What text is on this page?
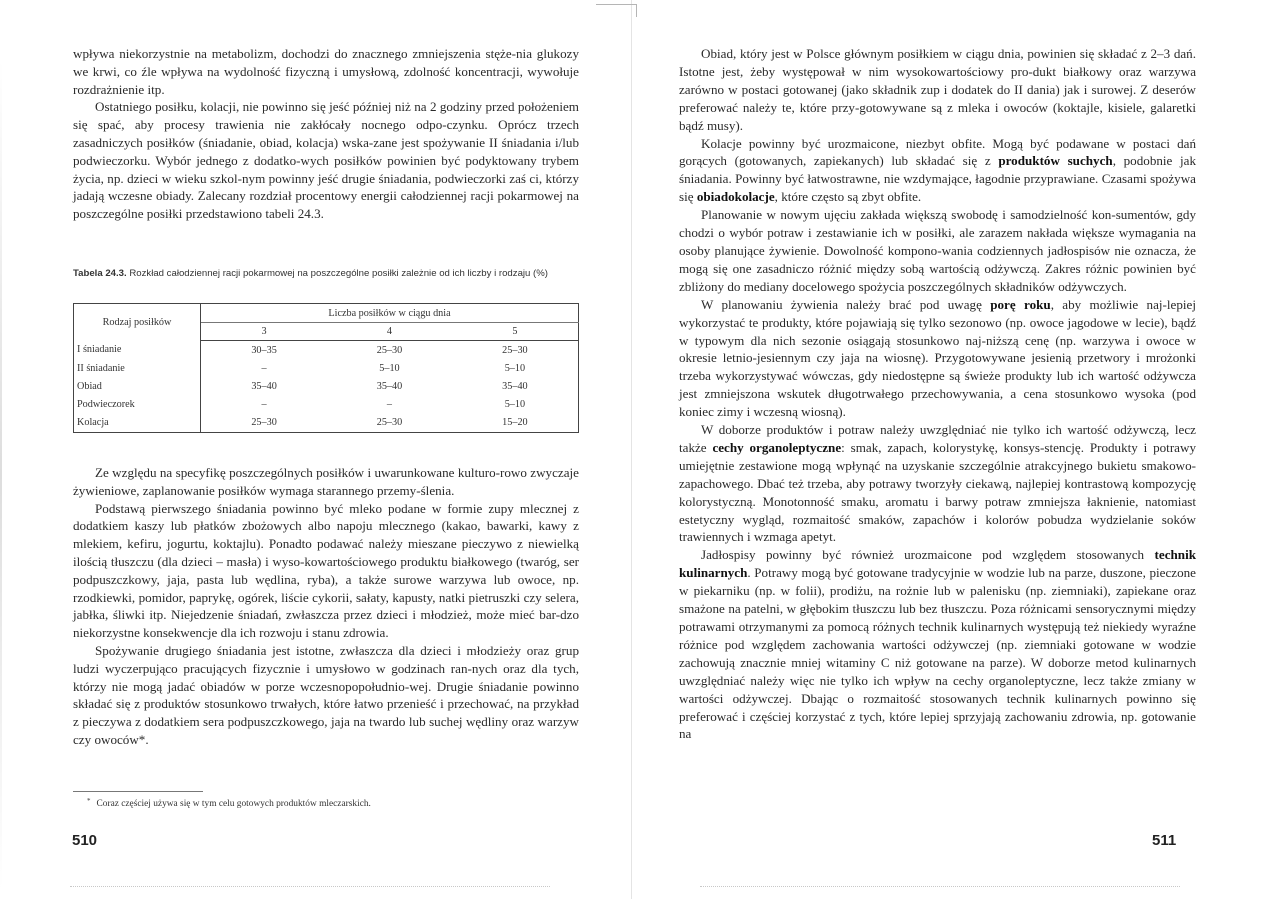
wpływa niekorzystnie na metabolizm, dochodzi do znacznego zmniejszenia stęże-nia glukozy we krwi, co źle wpływa na wydolność fizyczną i umysłową, zdolność koncentracji, wywołuje rozdrażnienie itp.

Ostatniego posiłku, kolacji, nie powinno się jeść później niż na 2 godziny przed położeniem się spać, aby procesy trawienia nie zakłócały nocnego odpo-czynku. Oprócz trzech zasadniczych posiłków (śniadanie, obiad, kolacja) wska-zane jest spożywanie II śniadania i/lub podwieczorku. Wybór jednego z dodatko-wych posiłków powinien być podyktowany trybem życia, np. dzieci w wieku szkol-nym powinny jeść drugie śniadania, podwieczorki zaś ci, którzy jadają wczesne obiady. Zalecany rozdział procentowy energii całodziennej racji pokarmowej na poszczególne posiłki przedstawiono tabeli 24.3.

Tabela 24.3. Rozkład całodziennej racji pokarmowej na poszczególne posiłki zależnie od ich liczby i rodzaju (%)
Rodzaj posiłków	Liczba posiłków w ciągu dnia		
	3	4	5
I śniadanie	30–35	25–30	25–30
II śniadanie	–	5–10	5–10
Obiad	35–40	35–40	35–40
Podwieczorek	–	–	5–10
Kolacja	25–30	25–30	15–20

Ze względu na specyfikę poszczególnych posiłków i uwarunkowane kulturo-rowo zwyczaje żywieniowe, zaplanowanie posiłków wymaga starannego przemy-ślenia.

Podstawą pierwszego śniadania powinno być mleko podane w formie zupy mlecznej z dodatkiem kaszy lub płatków zbożowych albo napoju mlecznego (kakao, bawarki, kawy z mlekiem, kefiru, jogurtu, koktajlu). Ponadto podawać należy mieszane pieczywo z niewielką ilością tłuszczu (dla dzieci – masła) i wyso-kowartościowego produktu białkowego (twaróg, ser podpuszczkowy, jaja, pasta lub wędlina, ryba), a także surowe warzywa lub owoce, np. rzodkiewki, pomidor, paprykę, ogórek, liście cykorii, sałaty, kapusty, natki pietruszki czy selera, jabłka, śliwki itp. Niejedzenie śniadań, zwłaszcza przez dzieci i młodzież, może mieć bar-dzo niekorzystne konsekwencje dla ich rozwoju i stanu zdrowia.

Spożywanie drugiego śniadania jest istotne, zwłaszcza dla dzieci i młodzieży oraz grup ludzi wyczerpująco pracujących fizycznie i umysłowo w godzinach ran-nych oraz dla tych, którzy nie mogą jadać obiadów w porze wczesnopopołudnio-wej. Drugie śniadanie powinno składać się z produktów stosunkowo trwałych, które łatwo przenieść i przechować, na przykład z pieczywa z dodatkiem sera podpuszczkowego, jaja na twardo lub suchej wędliny oraz warzyw czy owoców*.

* Coraz częściej używa się w tym celu gotowych produktów mleczarskich.
510

Obiad, który jest w Polsce głównym posiłkiem w ciągu dnia, powinien się składać z 2–3 dań. Istotne jest, żeby występował w nim wysokowartościowy pro-dukt białkowy oraz warzywa zarówno w postaci gotowanej (jako składnik zup i dodatek do II dania) jak i surowej. Z deserów preferować należy te, które przy-gotowywane są z mleka i owoców (koktajle, kisiele, galaretki bądź musy).

Kolacje powinny być urozmaicone, niezbyt obfite. Mogą być podawane w postaci dań gorących (gotowanych, zapiekanych) lub składać się z produktów suchych, podobnie jak śniadania. Powinny być łatwostrawne, nie wzdymające, łagodnie przyprawiane. Czasami spożywa się obiadokolacje, które często są zbyt obfite.

Planowanie w nowym ujęciu zakłada większą swobodę i samodzielność kon-sumentów, gdy chodzi o wybór potraw i zestawianie ich w posiłki, ale zarazem nakłada większe wymagania na osoby planujące żywienie. Dowolność kompono-wania codziennych jadłospisów nie oznacza, że mogą się one zasadniczo różnić między sobą wartością odżywczą. Zakres różnic powinien być zbliżony do mediany docelowego spożycia poszczególnych składników odżywczych.

W planowaniu żywienia należy brać pod uwagę porę roku, aby możliwie naj-lepiej wykorzystać te produkty, które pojawiają się tylko sezonowo (np. owoce jagodowe w lecie), bądź w typowym dla nich sezonie osiągają stosunkowo naj-niższą cenę (np. warzywa i owoce w okresie letnio-jesiennym czy jaja na wiosnę). Przygotowywane jesienią przetwory i mrożonki trzeba wykorzystywać wówczas, gdy niedostępne są świeże produkty lub ich wartość odżywcza jest zmniejszona wskutek długotrwałego przechowywania, a cena stosunkowo wysoka (pod koniec zimy i wczesną wiosną).

W doborze produktów i potraw należy uwzględniać nie tylko ich wartość odżywczą, lecz także cechy organoleptyczne: smak, zapach, kolorystykę, konsys-stencję. Produkty i potrawy umiejętnie zestawione mogą wpłynąć na uzyskanie szczególnie atrakcyjnego bukietu smakowo-zapachowego. Dbać też trzeba, aby potrawy tworzyły ciekawą, najlepiej kontrastową kompozycję kolorystyczną. Monotonność smaku, aromatu i barwy potraw zmniejsza łaknienie, natomiast estetyczny wygląd, rozmaitość smaków, zapachów i kolorów pobudza wydzielanie soków trawiennych i wzmaga apetyt.

Jadłospisy powinny być również urozmaicone pod względem stosowanych technik kulinarnych. Potrawy mogą być gotowane tradycyjnie w wodzie lub na parze, duszone, pieczone w piekarniku (np. w folii), prodiżu, na rożnie lub w palenisku (np. ziemniaki), zapiekane oraz smażone na patelni, w głębokim tłuszczu lub bez tłuszczu. Poza różnicami sensorycznymi między potrawami otrzymanymi za pomocą różnych technik kulinarnych występują też niekiedy wyraźne różnice pod względem zachowania wartości odżywczej (np. ziemniaki gotowane w wodzie zachowują znacznie mniej witaminy C niż gotowane na parze). W doborze metod kulinarnych uwzględniać należy więc nie tylko ich wpływ na cechy organoleptyczne, lecz także zmiany w wartości odżywczej. Dbając o rozmaitość stosowanych technik kulinarnych powinno się preferować i częściej korzystać z tych, które lepiej sprzyjają zachowaniu zdrowia, np. gotowanie na

511
